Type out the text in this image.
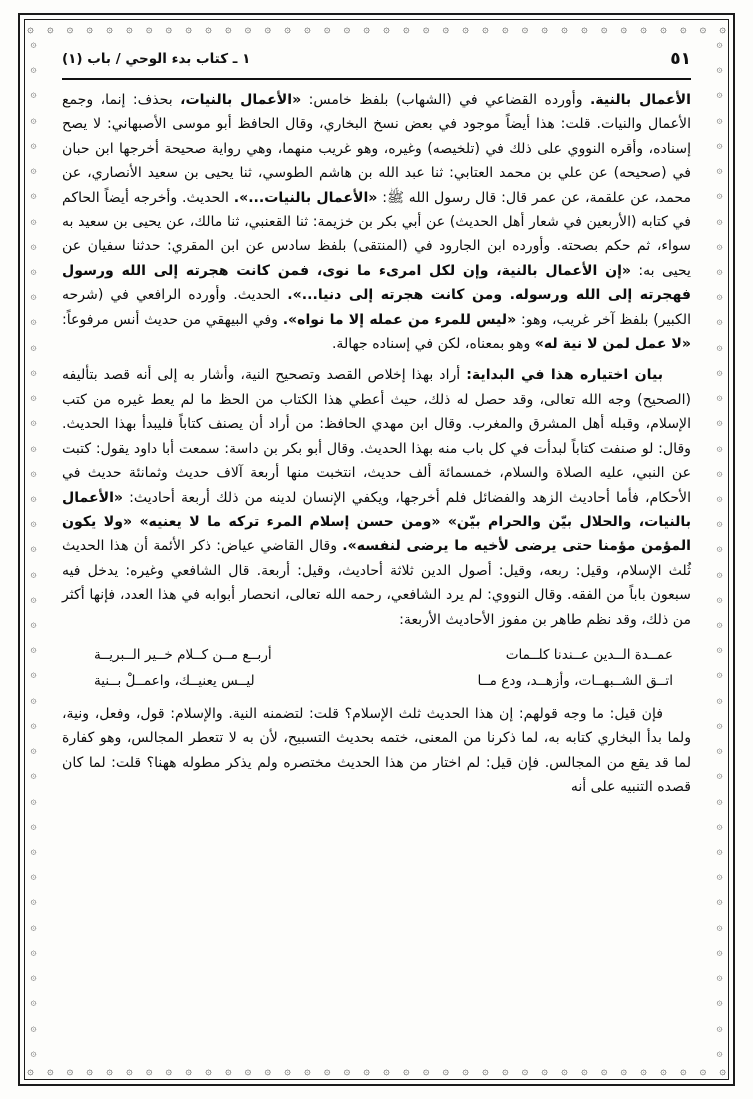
۞
۞
۞
۞
۞
۞
۞
۞
۞
۞
۞
۞
۞
۞
۞
۞
۞
۞
۞
۞
۞
۞
۞
۞
۞
۞
۞
۞
۞
۞
۞
۞
۞
۞
۞
۞
۞
۞
۞
۞
۞
۞
۞
۞
۞
۞
۞
۞
۞
۞
۞
۞
۞
۞
۞
۞
۞
۞
۞
۞
۞
۞
۞
۞
۞
۞
۞
۞
۞
۞
۞
۞
۞
۞
۞
۞
۞
۞
۞
۞
۞
۞
۞
۞
۞
۞
۞
۞
۞
۞
۞
۞
۞
۞
۞
۞
۞
۞
۞
۞
۞
۞
۞
۞
۞
۞
۞
۞
۞
۞
۞
۞
۞
۞
۞
۞
۞
۞
۞
۞
۞
۞
۞
۞
۞
۞
۞
۞
۞
۞
۞
۞
۞
۞
۞
۞
۞
۞
۞
۞
۞
۞
۞
۞
۞
۞
۞
۞
۞
۞
۞
۞
۞
۞
٥١
١ ـ كتاب بدء الوحي / باب (١)

الأعمال بالنية. وأورده القضاعي في (الشهاب) بلفظ خامس: «الأعمال بالنيات، بحذف: إنما، وجمع الأعمال والنيات. قلت: هذا أيضاً موجود في بعض نسخ البخاري، وقال الحافظ أبو موسى الأصبهاني: لا يصح إسناده، وأقره النووي على ذلك في (تلخيصه) وغيره، وهو غريب منهما، وهي رواية صحيحة أخرجها ابن حبان في (صحيحه) عن علي بن محمد العتابي: ثنا عبد الله بن هاشم الطوسي، ثنا يحيى بن سعيد الأنصاري، عن محمد، عن علقمة، عن عمر قال: قال رسول الله ﷺ: «الأعمال بالنيات...». الحديث. وأخرجه أيضاً الحاكم في كتابه (الأربعين في شعار أهل الحديث) عن أبي بكر بن خزيمة: ثنا القعنبي، ثنا مالك، عن يحيى بن سعيد به سواء، ثم حكم بصحته. وأورده ابن الجارود في (المنتقى) بلفظ سادس عن ابن المقري: حدثنا سفيان عن يحيى به: «إن الأعمال بالنية، وإن لكل امرىء ما نوى، فمن كانت هجرته إلى الله ورسول فهجرته إلى الله ورسوله. ومن كانت هجرته إلى دنيا...». الحديث. وأورده الرافعي في (شرحه الكبير) بلفظ آخر غريب، وهو: «ليس للمرء من عمله إلا ما نواه». وفي البيهقي من حديث أنس مرفوعاً: «لا عمل لمن لا نية له» وهو بمعناه، لكن في إسناده جهالة.

بيان اختياره هذا في البداية: أراد بهذا إخلاص القصد وتصحيح النية، وأشار به إلى أنه قصد بتأليفه (الصحيح) وجه الله تعالى، وقد حصل له ذلك، حيث أعطي هذا الكتاب من الحظ ما لم يعط غيره من كتب الإسلام، وقبله أهل المشرق والمغرب. وقال ابن مهدي الحافظ: من أراد أن يصنف كتاباً فليبدأ بهذا الحديث. وقال: لو صنفت كتاباً لبدأت في كل باب منه بهذا الحديث. وقال أبو بكر بن داسة: سمعت أبا داود يقول: كتبت عن النبي، عليه الصلاة والسلام، خمسمائة ألف حديث، انتخبت منها أربعة آلاف حديث وثمانئة حديث في الأحكام، فأما أحاديث الزهد والفضائل فلم أخرجها، ويكفي الإنسان لدينه من ذلك أربعة أحاديث: «الأعمال بالنيات، والحلال بيّن والحرام بيّن» «ومن حسن إسلام المرء تركه ما لا يعنيه» «ولا يكون المؤمن مؤمنا حتى يرضى لأخيه ما يرضى لنفسه». وقال القاضي عياض: ذكر الأئمة أن هذا الحديث ثُلث الإسلام، وقيل: ربعه، وقيل: أصول الدين ثلاثة أحاديث، وقيل: أربعة. قال الشافعي وغيره: يدخل فيه سبعون باباً من الفقه. وقال النووي: لم يرد الشافعي، رحمه الله تعالى، انحصار أبوابه في هذا العدد، فإنها أكثر من ذلك، وقد نظم طاهر بن مفوز الأحاديث الأربعة:

عمــدة الــدين عــندنا كلــمات
أربــع مــن كــلام خــير الــبريــة
اتــق الشــبهــات، وأزهــد، ودع مــا
ليــس يعنيــك، واعمــلْ بــنية

فإن قيل: ما وجه قولهم: إن هذا الحديث ثلث الإسلام؟ قلت: لتضمنه النية. والإسلام: قول، وفعل، ونية، ولما بدأ البخاري كتابه به، لما ذكرنا من المعنى، ختمه بحديث التسبيح، لأن به لا تتعطر المجالس، وهو كفارة لما قد يقع من المجالس. فإن قيل: لم اختار من هذا الحديث مختصره ولم يذكر مطوله ههنا؟ قلت: لما كان قصده التنبيه على أنه
